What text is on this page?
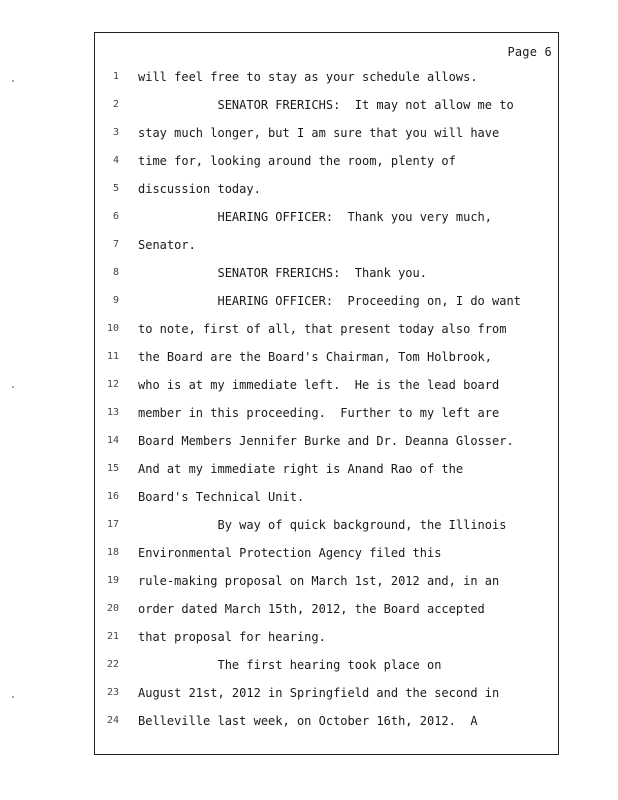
Page 6
1 will feel free to stay as your schedule allows.
2 SENATOR FRERICHS:  It may not allow me to
3 stay much longer, but I am sure that you will have
4 time for, looking around the room, plenty of
5 discussion today.
6 HEARING OFFICER:  Thank you very much,
7 Senator.
8 SENATOR FRERICHS:  Thank you.
9 HEARING OFFICER:  Proceeding on, I do want
10 to note, first of all, that present today also from
11 the Board are the Board's Chairman, Tom Holbrook,
12 who is at my immediate left.  He is the lead board
13 member in this proceeding.  Further to my left are
14 Board Members Jennifer Burke and Dr. Deanna Glosser.
15 And at my immediate right is Anand Rao of the
16 Board's Technical Unit.
17 By way of quick background, the Illinois
18 Environmental Protection Agency filed this
19 rule-making proposal on March 1st, 2012 and, in an
20 order dated March 15th, 2012, the Board accepted
21 that proposal for hearing.
22 The first hearing took place on
23 August 21st, 2012 in Springfield and the second in
24 Belleville last week, on October 16th, 2012.  A
